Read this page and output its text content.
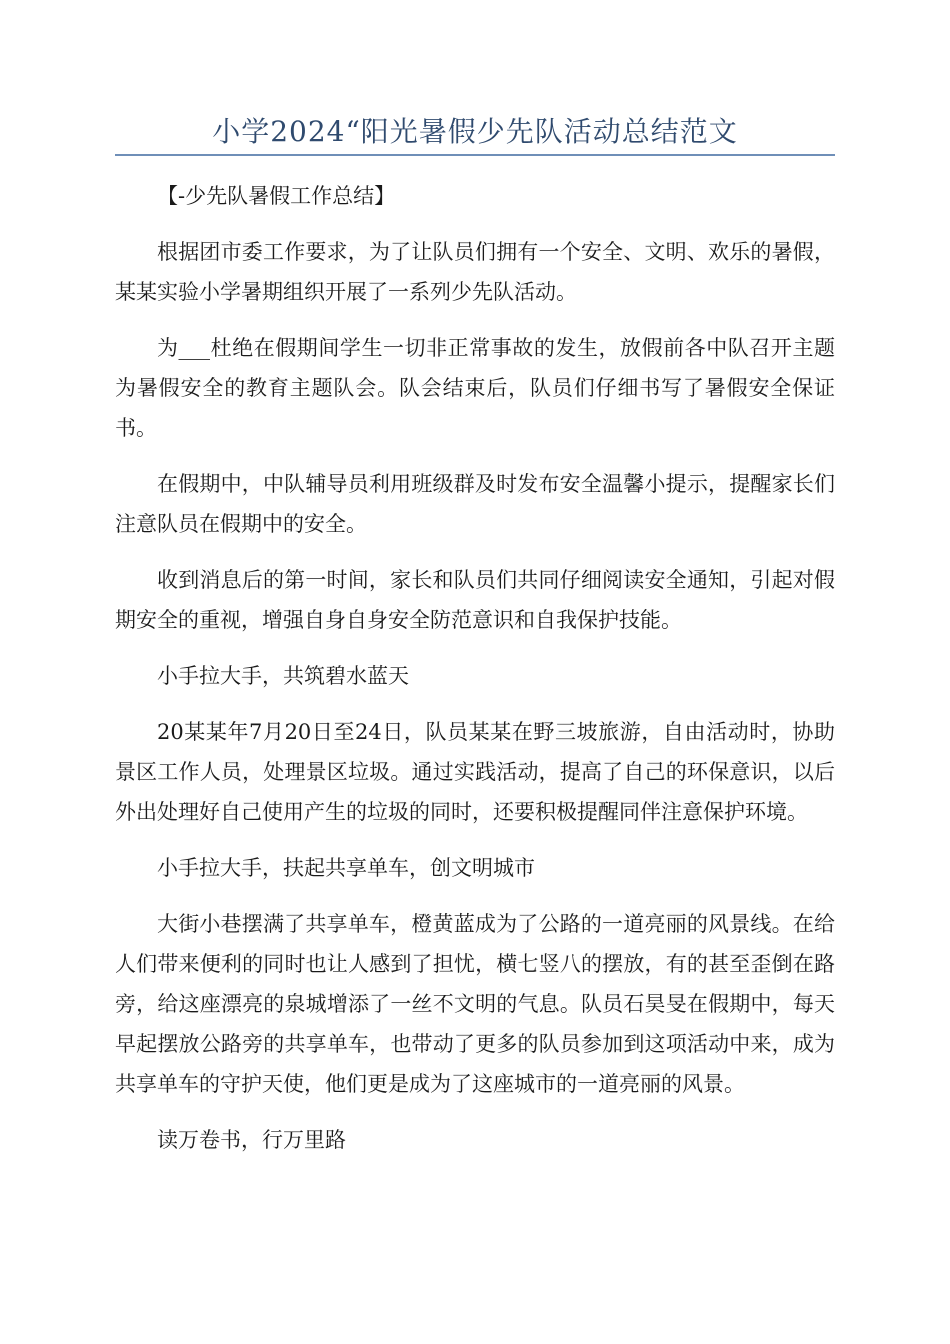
小学2024“阳光暑假少先队活动总结范文

【-少先队暑假工作总结】

根据团市委工作要求，为了让队员们拥有一个安全、文明、欢乐的暑假，某某实验小学暑期组织开展了一系列少先队活动。

为___杜绝在假期间学生一切非正常事故的发生，放假前各中队召开主题为暑假安全的教育主题队会。队会结束后，队员们仔细书写了暑假安全保证书。

在假期中，中队辅导员利用班级群及时发布安全温馨小提示，提醒家长们注意队员在假期中的安全。

收到消息后的第一时间，家长和队员们共同仔细阅读安全通知，引起对假期安全的重视，增强自身自身安全防范意识和自我保护技能。

小手拉大手，共筑碧水蓝天

20某某年7月20日至24日，队员某某在野三坡旅游，自由活动时，协助景区工作人员，处理景区垃圾。通过实践活动，提高了自己的环保意识，以后外出处理好自己使用产生的垃圾的同时，还要积极提醒同伴注意保护环境。

小手拉大手，扶起共享单车，创文明城市

大街小巷摆满了共享单车，橙黄蓝成为了公路的一道亮丽的风景线。在给人们带来便利的同时也让人感到了担忧，横七竖八的摆放，有的甚至歪倒在路旁，给这座漂亮的泉城增添了一丝不文明的气息。队员石昊旻在假期中，每天早起摆放公路旁的共享单车，也带动了更多的队员参加到这项活动中来，成为共享单车的守护天使，他们更是成为了这座城市的一道亮丽的风景。

读万卷书，行万里路
